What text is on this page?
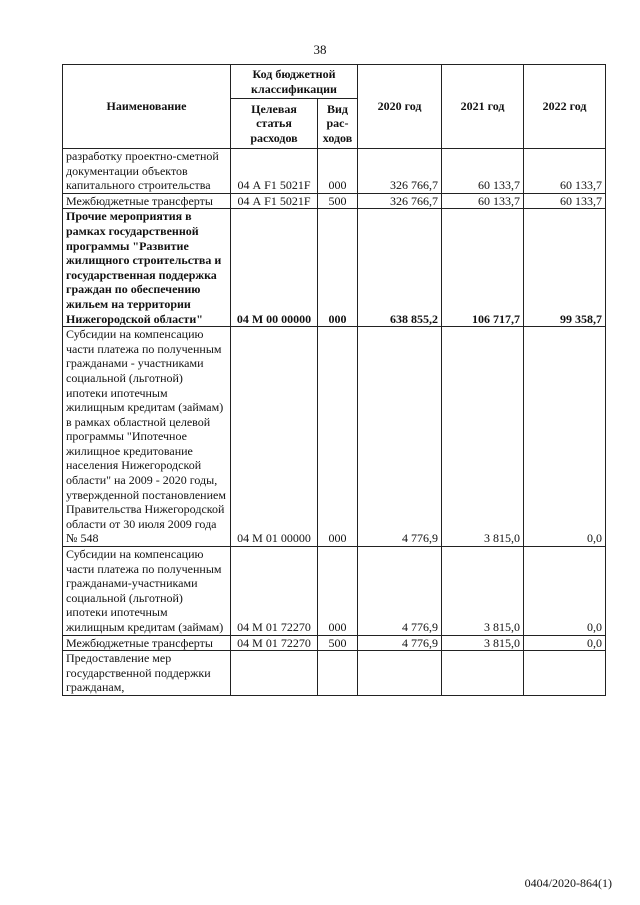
38
Наименование	Код бюджетной классификации		2020 год	2021 год	2022 год
	Целевая статья расходов	Вид рас-ходов			
разработку проектно-сметной документации объектов капитального строительства	04 А F1 5021F	000	326 766,7	60 133,7	60 133,7
Межбюджетные трансферты	04 А F1 5021F	500	326 766,7	60 133,7	60 133,7
Прочие мероприятия в рамках государственной программы "Развитие жилищного строительства и государственная поддержка граждан по обеспечению жильем на территории Нижегородской области"	04 М 00 00000	000	638 855,2	106 717,7	99 358,7
Субсидии на компенсацию части платежа по полученным гражданами - участниками социальной (льготной) ипотеки ипотечным жилищным кредитам (займам) в рамках областной целевой программы "Ипотечное жилищное кредитование населения Нижегородской области" на 2009 - 2020 годы, утвержденной постановлением Правительства Нижегородской области от 30 июля 2009 года № 548	04 М 01 00000	000	4 776,9	3 815,0	0,0
Субсидии на компенсацию части платежа по полученным гражданами-участниками социальной (льготной) ипотеки ипотечным жилищным кредитам (займам)	04 М 01 72270	000	4 776,9	3 815,0	0,0
Межбюджетные трансферты	04 М 01 72270	500	4 776,9	3 815,0	0,0
Предоставление мер государственной поддержки гражданам,					
0404/2020-864(1)
